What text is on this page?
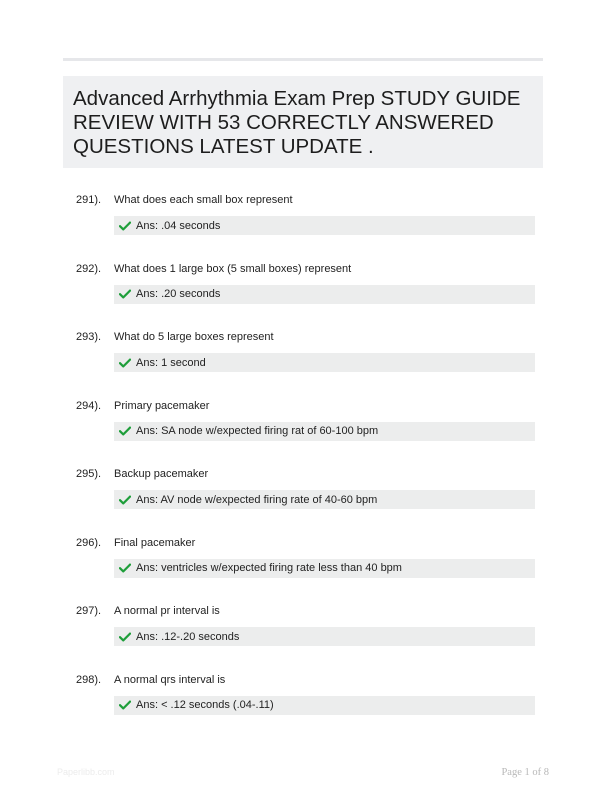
Advanced Arrhythmia Exam Prep STUDY GUIDE REVIEW WITH 53 CORRECTLY ANSWERED QUESTIONS LATEST UPDATE .
291). What does each small box represent
Ans: .04 seconds
292). What does 1 large box (5 small boxes) represent
Ans: .20 seconds
293). What do 5 large boxes represent
Ans: 1 second
294). Primary pacemaker
Ans: SA node w/expected firing rat of 60-100 bpm
295). Backup pacemaker
Ans: AV node w/expected firing rate of 40-60 bpm
296). Final pacemaker
Ans: ventricles w/expected firing rate less than 40 bpm
297). A normal pr interval is
Ans: .12-.20 seconds
298). A normal qrs interval is
Ans: < .12 seconds (.04-.11)
Paperlibb.com	Page 1 of 8
